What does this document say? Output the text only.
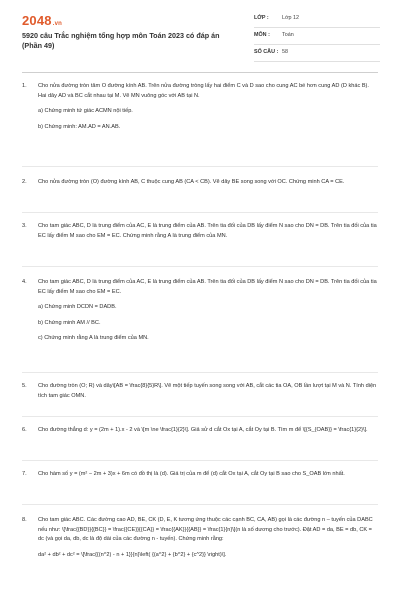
2048.vn
5920 câu Trắc nghiệm tổng hợp môn Toán 2023 có đáp án (Phần 49)
LỚP :	Lớp 12
MÔN :	Toán
SỐ CÂU : 58
1.	Cho nửa đường tròn tâm O đường kính AB. Trên nửa đường tròng lấy hai điểm C và D sao cho cung AC bé hơn cung AD (D khác B). Hai dây AD và BC cắt nhau tại M. Vẽ MN vuông góc với AB tại N.

a) Chứng minh tứ giác ACMN nội tiếp.

b) Chứng minh: AM.AD = AN.AB.

2.	Cho nửa đường tròn (O) đường kính AB, C thuộc cung AB (CA < CB). Vẽ dây BE song song với OC. Chứng minh CA = CE.

3.	Cho tam giác ABC, D là trung điểm của AC, E là trung điểm của AB. Trên tia đối của DB lấy điểm N sao cho DN = DB. Trên tia đối của tia EC lấy điểm M sao cho EM = EC. Chứng minh rằng A là trung điểm của MN.

4.	Cho tam giác ABC, D là trung điểm của AC, E là trung điểm của AB. Trên tia đối của DB lấy điểm N sao cho DN = DB. Trên tia đối của tia EC lấy điểm M sao cho EM = EC.

a) Chứng minh DCDN = DADB.

b) Chứng minh AM // BC.

c) Chứng minh rằng A là trung điểm của MN.

5.	Cho đường tròn (O; R) và dây\[AB = \frac{8}{5}R\]. Vẽ một tiếp tuyến song song với AB, cắt các tia OA, OB lần lượt tại M và N. Tính diện tích tam giác OMN.

6.	Cho đường thẳng d: y = (2m + 1).x - 2 và \[m \ne \frac{1}{2}\]. Giả sử d cắt Ox tại A, cắt Oy tại B. Tìm m để \[{S_{OAB}} = \frac{1}{2}\].

7.	Cho hàm số y = (m² − 2m + 3)x + 6m có đồ thị là (d). Giá trị của m để (d) cắt Ox tại A, cắt Oy tại B sao cho S_OAB lớn nhất.

8.	Cho tam giác ABC. Các đường cao AD, BE, CK (D, E, K tương ứng thuộc các cạnh BC, CA, AB) gọi là các đường n – tuyến của DABC nếu như: \[\frac{{BD}}{{BC}} = \frac{{CE}}{{CA}} = \frac{{AK}}{{AB}} = \frac{1}{n}\](n là số dương cho trước). Đặt AD = da, BE = db, CK = dc (và gọi da, db, dc là độ dài của các đường n - tuyến). Chứng minh rằng:

da² + db² + dc² = \[\frac{{(n^2) - n + 1}}{n}\left( {(a^2} + {b^2} + {c^2}} \right)\].
